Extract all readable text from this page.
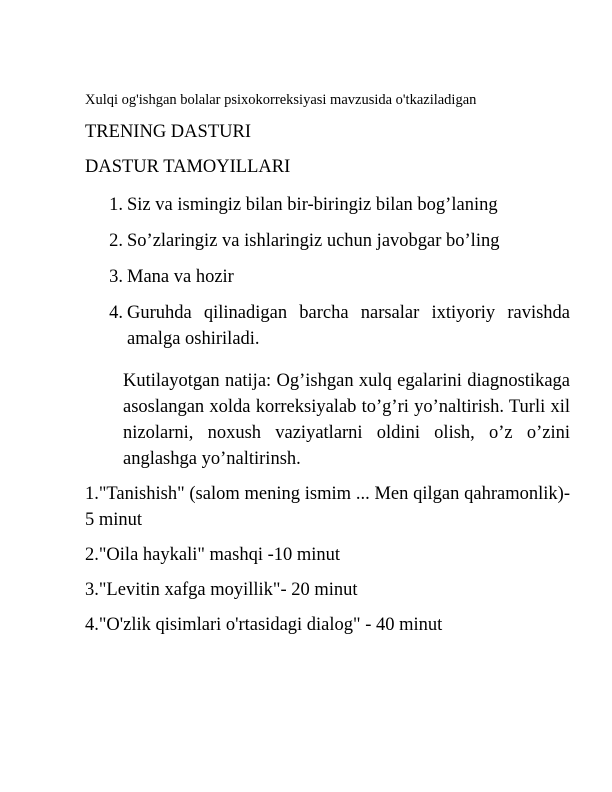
Xulqi og'ishgan bolalar psixokorreksiyasi mavzusida o'tkaziladigan
TRENING DASTURI
DASTUR TAMOYILLARI
1. Siz va ismingiz bilan bir-biringiz bilan bog’laning
2. So’zlaringiz va ishlaringiz uchun javobgar bo’ling
3. Mana va hozir
4. Guruhda qilinadigan barcha narsalar ixtiyoriy ravishda amalga oshiriladi.
Kutilayotgan natija: Og’ishgan xulq egalarini diagnostikaga asoslangan xolda korreksiyalab to’g’ri yo’naltirish. Turli xil nizolarni, noxush vaziyatlarni oldini olish, o’z o’zini anglashga yo’naltirinsh.
1."Tanishish" (salom mening ismim ... Men qilgan qahramonlik)- 5 minut
2."Oila haykali" mashqi -10 minut
3."Levitin xafga moyillik"- 20 minut
4."O'zlik qisimlari o'rtasidagi dialog" - 40 minut
